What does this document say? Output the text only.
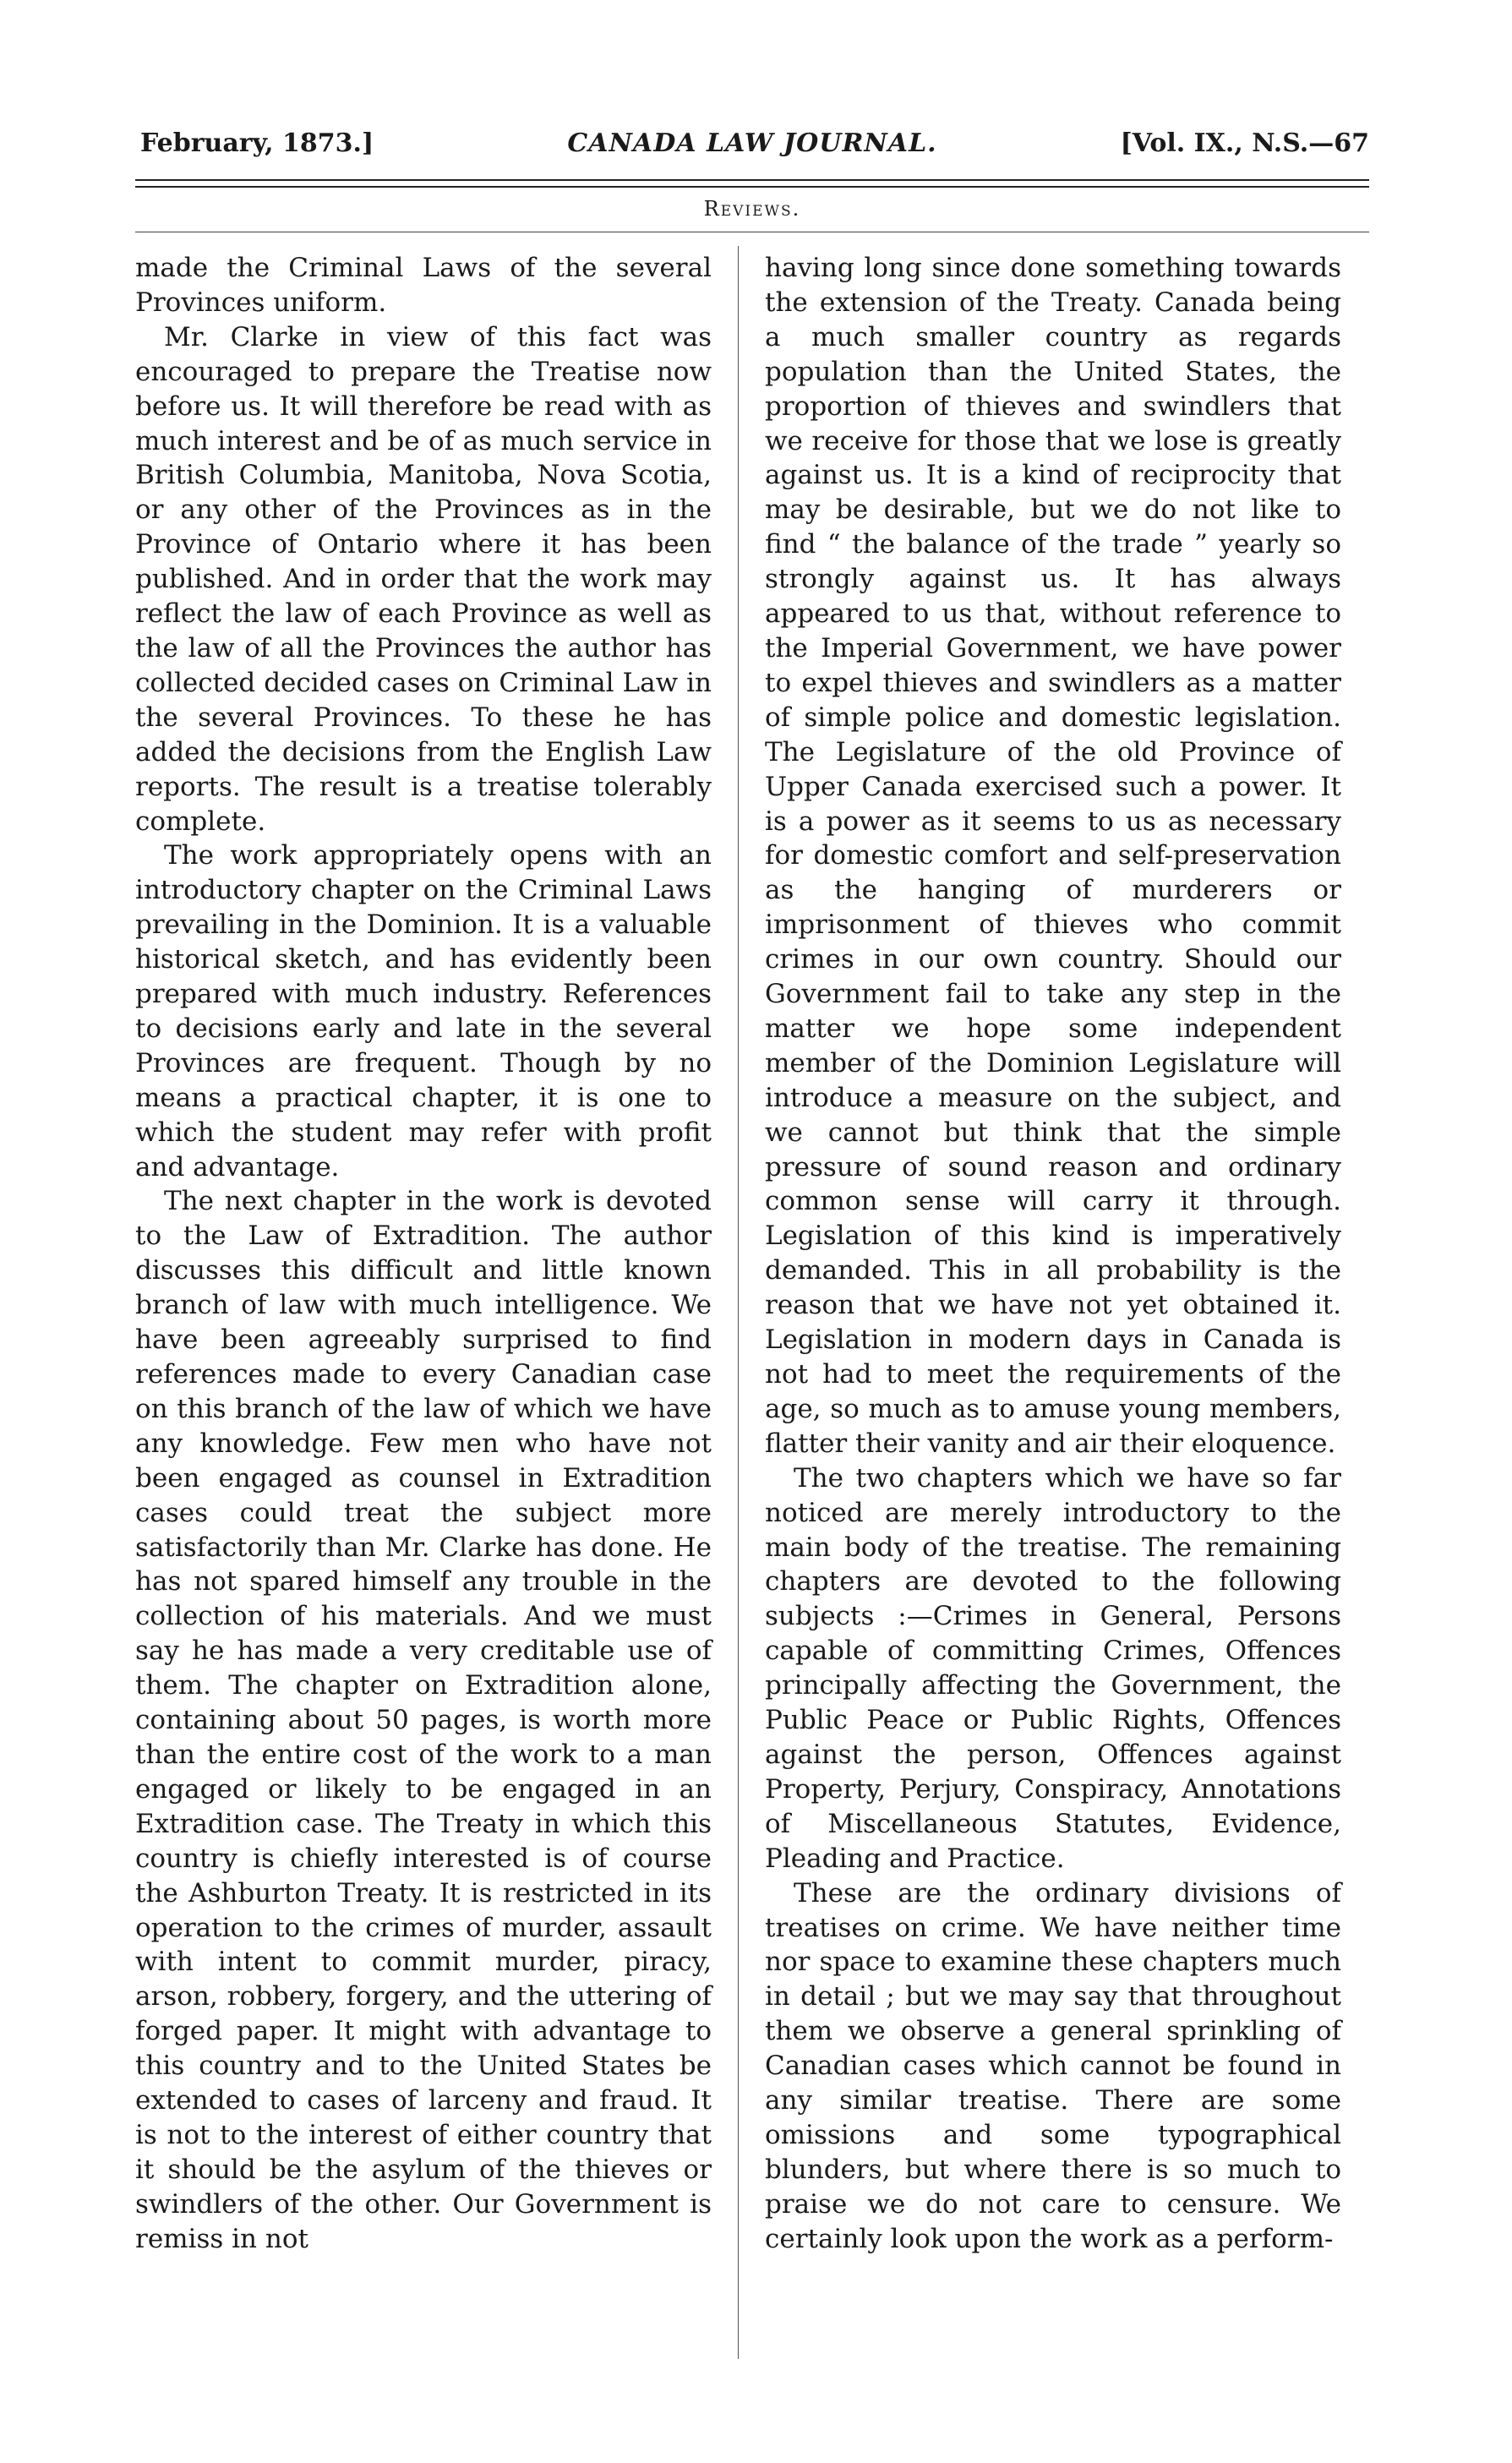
February, 1873.]	CANADA LAW JOURNAL.	[Vol. IX., N.S.—67
Reviews.

made the Criminal Laws of the several Provinces uniform.

Mr. Clarke in view of this fact was encouraged to prepare the Treatise now before us. It will therefore be read with as much interest and be of as much service in British Columbia, Manitoba, Nova Scotia, or any other of the Provinces as in the Province of Ontario where it has been published. And in order that the work may reflect the law of each Province as well as the law of all the Provinces the author has collected decided cases on Criminal Law in the several Provinces. To these he has added the decisions from the English Law reports. The result is a treatise tolerably complete.

The work appropriately opens with an introductory chapter on the Criminal Laws prevailing in the Dominion. It is a valuable historical sketch, and has evidently been prepared with much industry. References to decisions early and late in the several Provinces are frequent. Though by no means a practical chapter, it is one to which the student may refer with profit and advantage.

The next chapter in the work is devoted to the Law of Extradition. The author discusses this difficult and little known branch of law with much intelligence. We have been agreeably surprised to find references made to every Canadian case on this branch of the law of which we have any knowledge. Few men who have not been engaged as counsel in Extradition cases could treat the subject more satisfactorily than Mr. Clarke has done. He has not spared himself any trouble in the collection of his materials. And we must say he has made a very creditable use of them. The chapter on Extradition alone, containing about 50 pages, is worth more than the entire cost of the work to a man engaged or likely to be engaged in an Extradition case. The Treaty in which this country is chiefly interested is of course the Ashburton Treaty. It is restricted in its operation to the crimes of murder, assault with intent to commit murder, piracy, arson, robbery, forgery, and the uttering of forged paper. It might with advantage to this country and to the United States be extended to cases of larceny and fraud. It is not to the interest of either country that it should be the asylum of the thieves or swindlers of the other. Our Government is remiss in not

having long since done something towards the extension of the Treaty. Canada being a much smaller country as regards population than the United States, the proportion of thieves and swindlers that we receive for those that we lose is greatly against us. It is a kind of reciprocity that may be desirable, but we do not like to find “ the balance of the trade ” yearly so strongly against us. It has always appeared to us that, without reference to the Imperial Government, we have power to expel thieves and swindlers as a matter of simple police and domestic legislation. The Legislature of the old Province of Upper Canada exercised such a power. It is a power as it seems to us as necessary for domestic comfort and self-preservation as the hanging of murderers or imprisonment of thieves who commit crimes in our own country. Should our Government fail to take any step in the matter we hope some independent member of the Dominion Legislature will introduce a measure on the subject, and we cannot but think that the simple pressure of sound reason and ordinary common sense will carry it through. Legislation of this kind is imperatively demanded. This in all probability is the reason that we have not yet obtained it. Legislation in modern days in Canada is not had to meet the requirements of the age, so much as to amuse young members, flatter their vanity and air their eloquence.

The two chapters which we have so far noticed are merely introductory to the main body of the treatise. The remaining chapters are devoted to the following subjects :—Crimes in General, Persons capable of committing Crimes, Offences principally affecting the Government, the Public Peace or Public Rights, Offences against the person, Offences against Property, Perjury, Conspiracy, Annotations of Miscellaneous Statutes, Evidence, Pleading and Practice.

These are the ordinary divisions of treatises on crime. We have neither time nor space to examine these chapters much in detail ; but we may say that throughout them we observe a general sprinkling of Canadian cases which cannot be found in any similar treatise. There are some omissions and some typographical blunders, but where there is so much to praise we do not care to censure. We certainly look upon the work as a perform-
